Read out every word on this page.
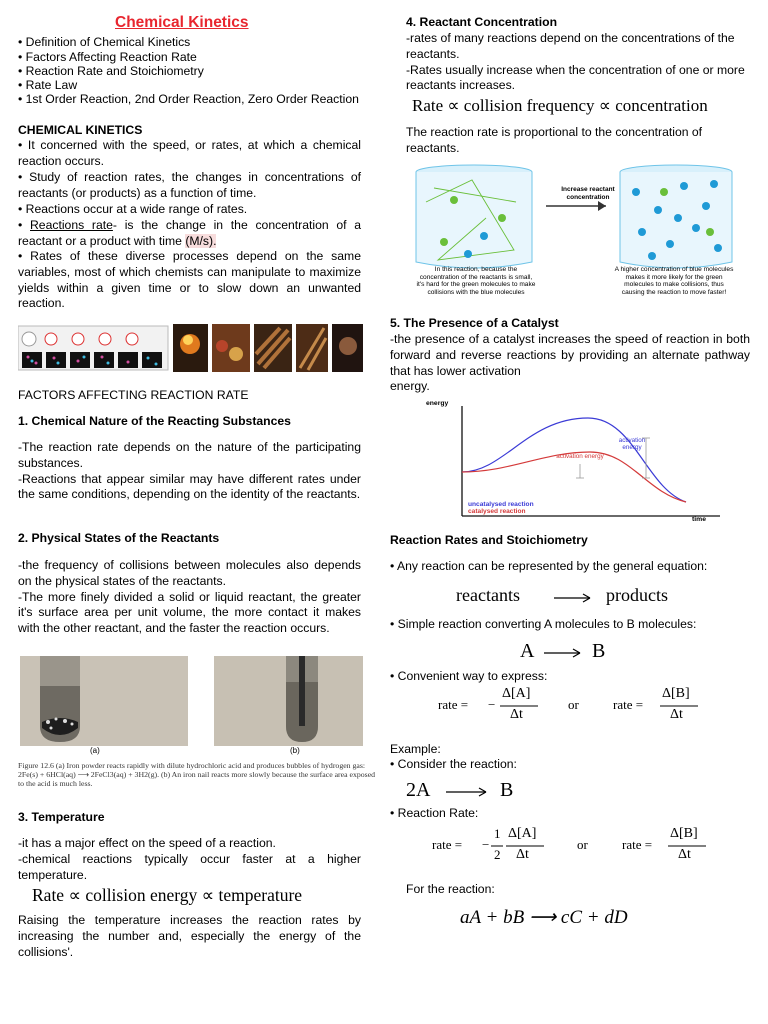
Chemical Kinetics
• Definition of Chemical Kinetics
• Factors Affecting Reaction Rate
• Reaction Rate and Stoichiometry
• Rate Law
• 1st Order Reaction, 2nd Order Reaction, Zero Order Reaction
CHEMICAL KINETICS
• It concerned with the speed, or rates, at which a chemical reaction occurs.
• Study of reaction rates, the changes in concentrations of reactants (or products) as a function of time.
• Reactions occur at a wide range of rates.
• Reactions rate- is the change in the concentration of a reactant or a product with time (M/s).
• Rates of these diverse processes depend on the same variables, most of which chemists can manipulate to maximize yields within a given time or to slow down an unwanted reaction.
FACTORS AFFECTING REACTION RATE
1. Chemical Nature of the Reacting Substances
-The reaction rate depends on the nature of the participating substances.
-Reactions that appear similar may have different rates under the same conditions, depending on the identity of the reactants.
2. Physical States of the Reactants
-the frequency of collisions between molecules also depends on the physical states of the reactants.
-The more finely divided a solid or liquid reactant, the greater it's surface area per unit volume, the more contact it makes with the other reactant, and the faster the reaction occurs.
(a)	(b)
Figure 12.6 (a) Iron powder reacts rapidly with dilute hydrochloric acid and produces bubbles of hydrogen gas: 2Fe(s) + 6HCl(aq) ⟶ 2FeCl3(aq) + 3H2(g). (b) An iron nail reacts more slowly because the surface area exposed to the acid is much less.
3. Temperature
-it has a major effect on the speed of a reaction.
-chemical reactions typically occur faster at a higher temperature.
Rate ∝ collision energy ∝ temperature
Raising the temperature increases the reaction rates by increasing the number and, especially the energy of the collisions'.
4. Reactant Concentration
-rates of many reactions depend on the concentrations of the reactants.
-Rates usually increase when the concentration of one or more reactants increases.
Rate ∝ collision frequency ∝ concentration
The reaction rate is proportional to the concentration of reactants.
Increase reactant concentration
In this reaction, because the concentration of the reactants is small, it's hard for the green molecules to make collisions with the blue molecules
A higher concentration of blue molecules makes it more likely for the green molecules to make collisions, thus causing the reaction to move faster!
5. The Presence of a Catalyst
-the presence of a catalyst increases the speed of reaction in both forward and reverse reactions by providing an alternate pathway that has lower activation
energy.
energy
time
activation energy
activation energy
uncatalysed reaction
catalysed reaction
Reaction Rates and Stoichiometry
• Any reaction can be represented by the general equation:
reactants → products
• Simple reaction converting A molecules to B molecules:
A → B
• Convenient way to express:
rate = −
Δ[A]
Δt
or	rate =
Δ[B]
Δt
Example:
• Consider the reaction:
2A → B
• Reaction Rate:
rate = −
1
2
Δ[A]
Δt
or	rate =
Δ[B]
Δt
For the reaction:
aA + bB ⟶ cC + dD
